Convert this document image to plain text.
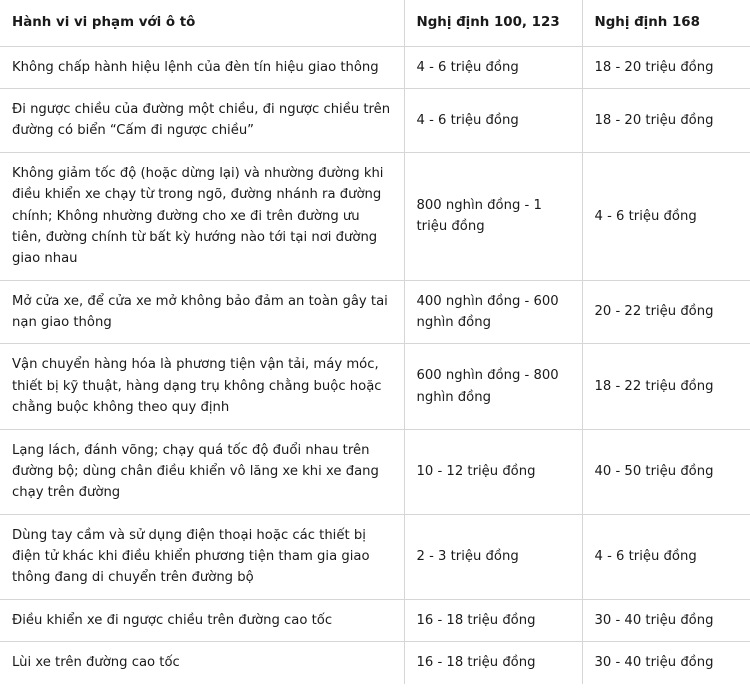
Hành vi vi phạm với ô tô	Nghị định 100, 123	Nghị định 168
Không chấp hành hiệu lệnh của đèn tín hiệu giao thông	4 - 6 triệu đồng	18 - 20 triệu đồng
Đi ngược chiều của đường một chiều, đi ngược chiều trên đường có biển “Cấm đi ngược chiều”	4 - 6 triệu đồng	18 - 20 triệu đồng
Không giảm tốc độ (hoặc dừng lại) và nhường đường khi điều khiển xe chạy từ trong ngõ, đường nhánh ra đường chính; Không nhường đường cho xe đi trên đường ưu tiên, đường chính từ bất kỳ hướng nào tới tại nơi đường giao nhau	800 nghìn đồng - 1 triệu đồng	4 - 6 triệu đồng
Mở cửa xe, để cửa xe mở không bảo đảm an toàn gây tai nạn giao thông	400 nghìn đồng - 600 nghìn đồng	20 - 22 triệu đồng
Vận chuyển hàng hóa là phương tiện vận tải, máy móc, thiết bị kỹ thuật, hàng dạng trụ không chằng buộc hoặc chằng buộc không theo quy định	600 nghìn đồng - 800 nghìn đồng	18 - 22 triệu đồng
Lạng lách, đánh võng; chạy quá tốc độ đuổi nhau trên đường bộ; dùng chân điều khiển vô lăng xe khi xe đang chạy trên đường	10 - 12 triệu đồng	40 - 50 triệu đồng
Dùng tay cầm và sử dụng điện thoại hoặc các thiết bị điện tử khác khi điều khiển phương tiện tham gia giao thông đang di chuyển trên đường bộ	2 - 3 triệu đồng	4 - 6 triệu đồng
Điều khiển xe đi ngược chiều trên đường cao tốc	16 - 18 triệu đồng	30 - 40 triệu đồng
Lùi xe trên đường cao tốc	16 - 18 triệu đồng	30 - 40 triệu đồng
